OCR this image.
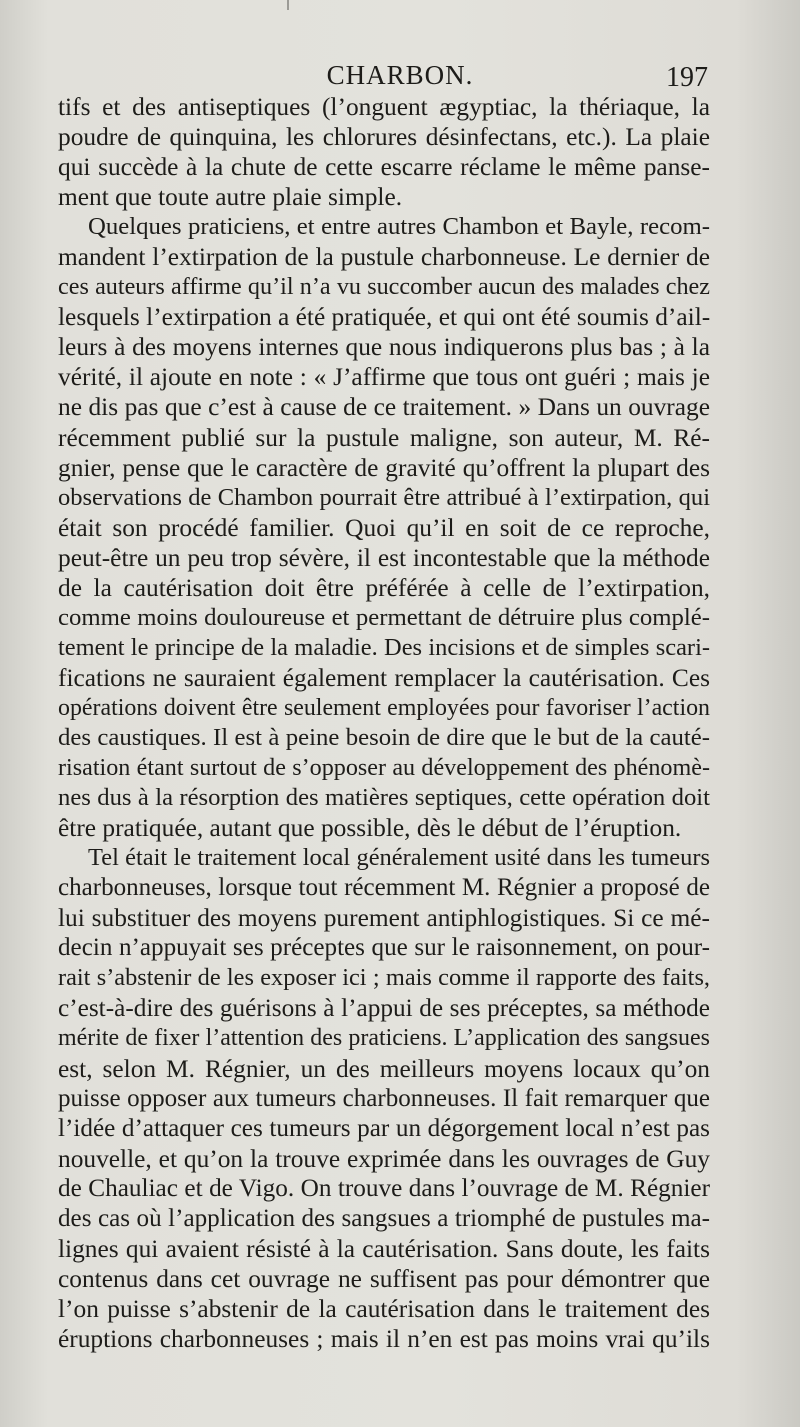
CHARBON.	197
tifs et des antiseptiques (l’onguent ægyptiac, la thériaque, la
poudre de quinquina, les chlorures désinfectans, etc.). La plaie
qui succède à la chute de cette escarre réclame le même panse-
ment que toute autre plaie simple.
Quelques praticiens, et entre autres Chambon et Bayle, recom-
mandent l’extirpation de la pustule charbonneuse. Le dernier de
ces auteurs affirme qu’il n’a vu succomber aucun des malades chez
lesquels l’extirpation a été pratiquée, et qui ont été soumis d’ail-
leurs à des moyens internes que nous indiquerons plus bas ; à la
vérité, il ajoute en note : « J’affirme que tous ont guéri ; mais je
ne dis pas que c’est à cause de ce traitement. » Dans un ouvrage
récemment publié sur la pustule maligne, son auteur, M. Ré-
gnier, pense que le caractère de gravité qu’offrent la plupart des
observations de Chambon pourrait être attribué à l’extirpation, qui
était son procédé familier. Quoi qu’il en soit de ce reproche,
peut-être un peu trop sévère, il est incontestable que la méthode
de la cautérisation doit être préférée à celle de l’extirpation,
comme moins douloureuse et permettant de détruire plus complé-
tement le principe de la maladie. Des incisions et de simples scari-
fications ne sauraient également remplacer la cautérisation. Ces
opérations doivent être seulement employées pour favoriser l’action
des caustiques. Il est à peine besoin de dire que le but de la cauté-
risation étant surtout de s’opposer au développement des phénomè-
nes dus à la résorption des matières septiques, cette opération doit
être pratiquée, autant que possible, dès le début de l’éruption.
Tel était le traitement local généralement usité dans les tumeurs
charbonneuses, lorsque tout récemment M. Régnier a proposé de
lui substituer des moyens purement antiphlogistiques. Si ce mé-
decin n’appuyait ses préceptes que sur le raisonnement, on pour-
rait s’abstenir de les exposer ici ; mais comme il rapporte des faits,
c’est-à-dire des guérisons à l’appui de ses préceptes, sa méthode
mérite de fixer l’attention des praticiens. L’application des sangsues
est, selon M. Régnier, un des meilleurs moyens locaux qu’on
puisse opposer aux tumeurs charbonneuses. Il fait remarquer que
l’idée d’attaquer ces tumeurs par un dégorgement local n’est pas
nouvelle, et qu’on la trouve exprimée dans les ouvrages de Guy
de Chauliac et de Vigo. On trouve dans l’ouvrage de M. Régnier
des cas où l’application des sangsues a triomphé de pustules ma-
lignes qui avaient résisté à la cautérisation. Sans doute, les faits
contenus dans cet ouvrage ne suffisent pas pour démontrer que
l’on puisse s’abstenir de la cautérisation dans le traitement des
éruptions charbonneuses ; mais il n’en est pas moins vrai qu’ils
